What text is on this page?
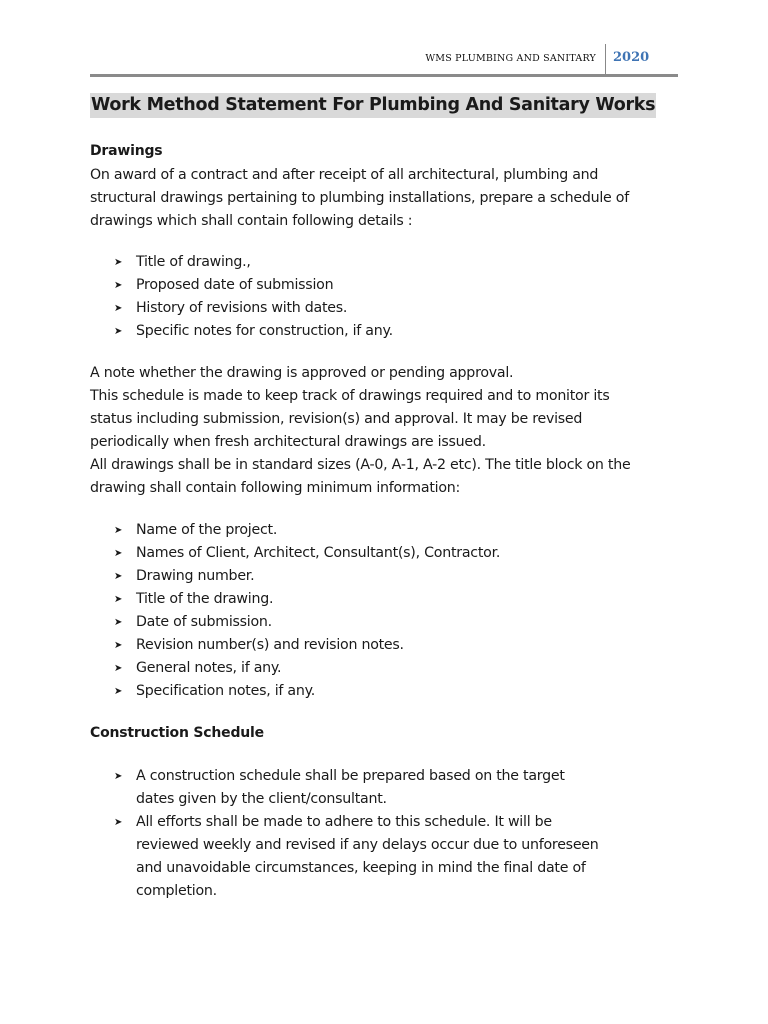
WMS PLUMBING AND SANITARY 2020
Work Method Statement For Plumbing And Sanitary Works
Drawings
On award of a contract and after receipt of all architectural, plumbing and
structural drawings pertaining to plumbing installations, prepare a schedule of
drawings which shall contain following details :
➤ Title of drawing.,
➤ Proposed date of submission
➤ History of revisions with dates.
➤ Specific notes for construction, if any.
A note whether the drawing is approved or pending approval.
This schedule is made to keep track of drawings required and to monitor its
status including submission, revision(s) and approval. It may be revised
periodically when fresh architectural drawings are issued.
All drawings shall be in standard sizes (A-0, A-1, A-2 etc). The title block on the
drawing shall contain following minimum information:
➤ Name of the project.
➤ Names of Client, Architect, Consultant(s), Contractor.
➤ Drawing number.
➤ Title of the drawing.
➤ Date of submission.
➤ Revision number(s) and revision notes.
➤ General notes, if any.
➤ Specification notes, if any.
Construction Schedule
➤ A construction schedule shall be prepared based on the target
dates given by the client/consultant.
➤ All efforts shall be made to adhere to this schedule. It will be
reviewed weekly and revised if any delays occur due to unforeseen
and unavoidable circumstances, keeping in mind the final date of
completion.
